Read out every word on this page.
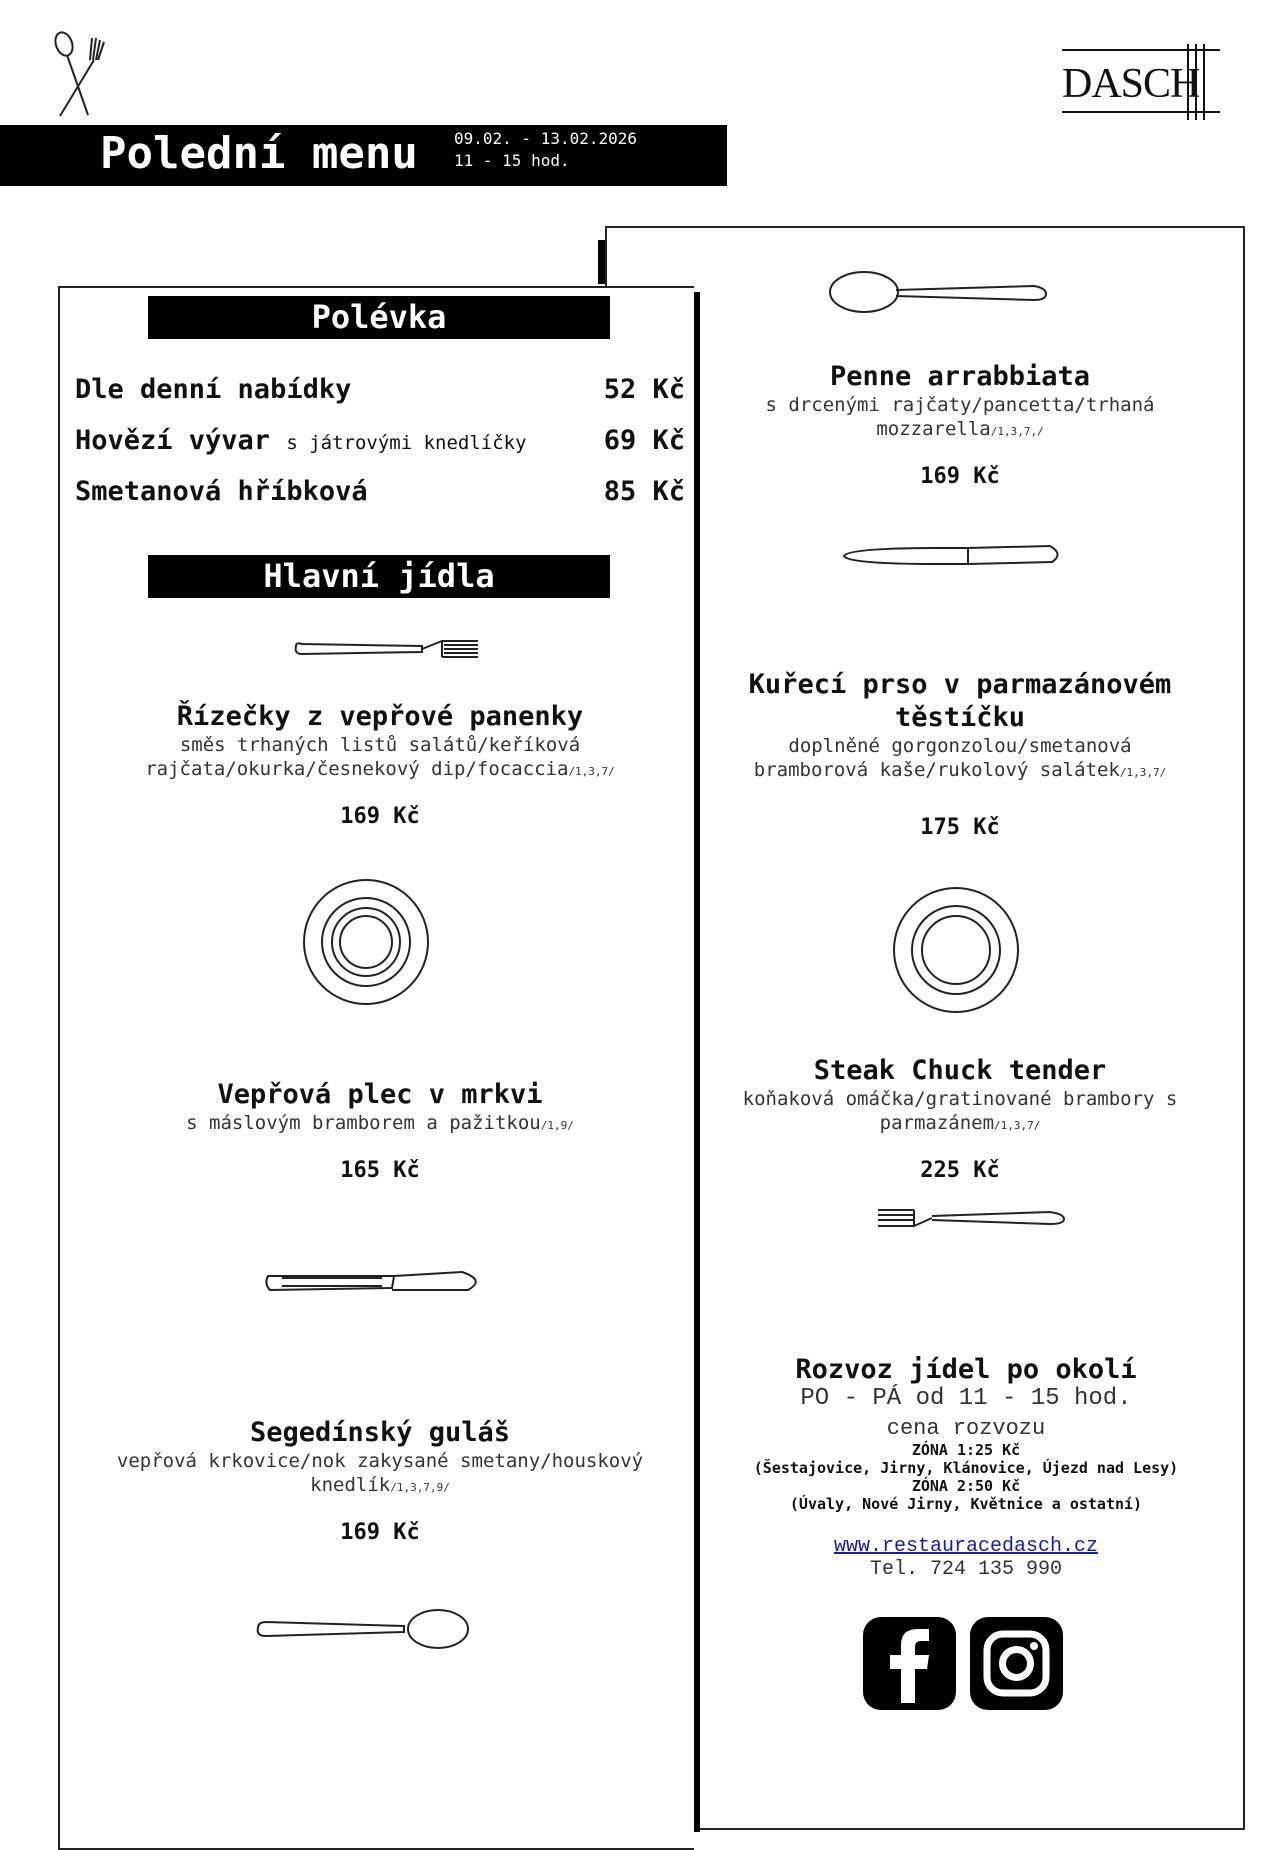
DASCH
Polední menu 09.02. - 13.02.2026
11 - 15 hod.
Polévka
Dle denní nabídky	52 Kč
Hovězí vývar s játrovými knedlíčky	69 Kč
Smetanová hříbková	85 Kč
Hlavní jídla
Řízečky z vepřové panenky
směs trhaných listů salátů/keříková
rajčata/okurka/česnekový dip/focaccia/1,3,7/
169 Kč
Vepřová plec v mrkvi
s máslovým bramborem a pažitkou/1,9/
165 Kč
Segedínský guláš
vepřová krkovice/nok zakysané smetany/houskový
knedlík/1,3,7,9/
169 Kč
Penne arrabbiata
s drcenými rajčaty/pancetta/trhaná
mozzarella/1,3,7,/
169 Kč
Kuřecí prso v parmazánovém
těstíčku
doplněné gorgonzolou/smetanová
bramborová kaše/rukolový salátek/1,3,7/
175 Kč
Steak Chuck tender
koňaková omáčka/gratinované brambory s
parmazánem/1,3,7/
225 Kč
Rozvoz jídel po okolí
PO - PÁ od 11 - 15 hod.
cena rozvozu
ZÓNA 1:25 Kč
(Šestajovice, Jirny, Klánovice, Újezd nad Lesy)
ZÓNA 2:50 Kč
(Úvaly, Nové Jirny, Květnice a ostatní)
www.restauracedasch.cz
Tel. 724 135 990
